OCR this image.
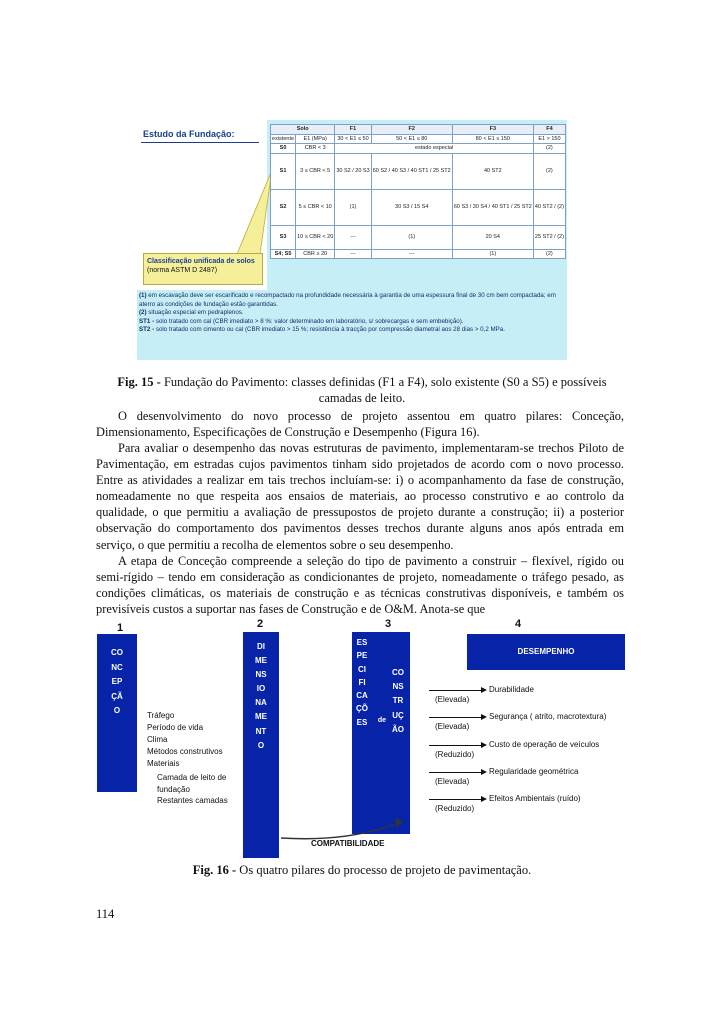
Estudo da Fundação:
Classificação unificada de solos (norma ASTM D 2487)
Solo		F1	F2	F3	F4
existente	E1 (MPa)	30 < E1 ≤ 50	50 < E1 ≤ 80	80 < E1 ≤ 150	E1 > 150
S0	CBR < 3	estado especial			(2)
S1	3 ≤ CBR < 5	30 S2 / 20 S3	60 S2 / 40 S3 / 40 ST1 / 25 ST2	40 ST2	(2)
S2	5 ≤ CBR < 10	(1)	30 S3 / 15 S4	60 S3 / 30 S4 / 40 ST1 / 25 ST2	40 ST2 / (2)
S3	10 ≤ CBR < 20	---	(1)	20 S4	25 ST2 / (2)
S4; S5	CBR ≥ 20	---	---	(1)	(2)
(1) em escavação deve ser escarificado e recompactado na profundidade necessária à garantia de uma espessura final de 30 cm bem compactada; em aterro as condições de fundação estão garantidas.
(2) situação especial em pedraplenos.
ST1 - solo tratado com cal (CBR imediato > 8 %: valor determinado em laboratório, s/ sobrecargas e sem embebição).
ST2 - solo tratado com cimento ou cal (CBR imediato > 15 %; resistência à tracção por compressão diametral aos 28 dias > 0,2 MPa.
Fig. 15 - Fundação do Pavimento: classes definidas (F1 a F4), solo existente (S0 a S5) e possíveis camadas de leito.
O desenvolvimento do novo processo de projeto assentou em quatro pilares: Conceção, Dimensionamento, Especificações de Construção e Desempenho (Figura 16).
Para avaliar o desempenho das novas estruturas de pavimento, implementaram-se trechos Piloto de Pavimentação, em estradas cujos pavimentos tinham sido projetados de acordo com o novo processo. Entre as atividades a realizar em tais trechos incluíam-se: i) o acompanhamento da fase de construção, nomeadamente no que respeita aos ensaios de materiais, ao processo construtivo e ao controlo da qualidade, o que permitiu a avaliação de pressupostos de projeto durante a construção; ii) a posterior observação do comportamento dos pavimentos desses trechos durante alguns anos após entrada em serviço, o que permitiu a recolha de elementos sobre o seu desempenho.
A etapa de Conceção compreende a seleção do tipo de pavimento a construir – flexível, rígido ou semi-rígido – tendo em consideração as condicionantes de projeto, nomeadamente o tráfego pesado, as condições climáticas, os materiais de construção e as técnicas construtivas disponíveis, e também os previsíveis custos a suportar nas fases de Construção e de O&M. Anota-se que
1	2	3	4
CONCEPÇÃO
DIMENSIONAMENTO
ESPECIFICAÇÕES	de
CONSTRUÇÃO
DESEMPENHO
Tráfego
Período de vida
Clima
Métodos construtivos
Materiais
Camada de leito de fundação
Restantes camadas
(Elevada)
Durabilidade
(Elevada)
Segurança ( atrito, macrotextura)
(Reduzido)
Custo de operação de veículos
(Elevada)
Regularidade geométrica
(Reduzido)
Efeitos Ambientais (ruído)
COMPATIBILIDADE
Fig. 16 - Os quatro pilares do processo de projeto de pavimentação.
114
